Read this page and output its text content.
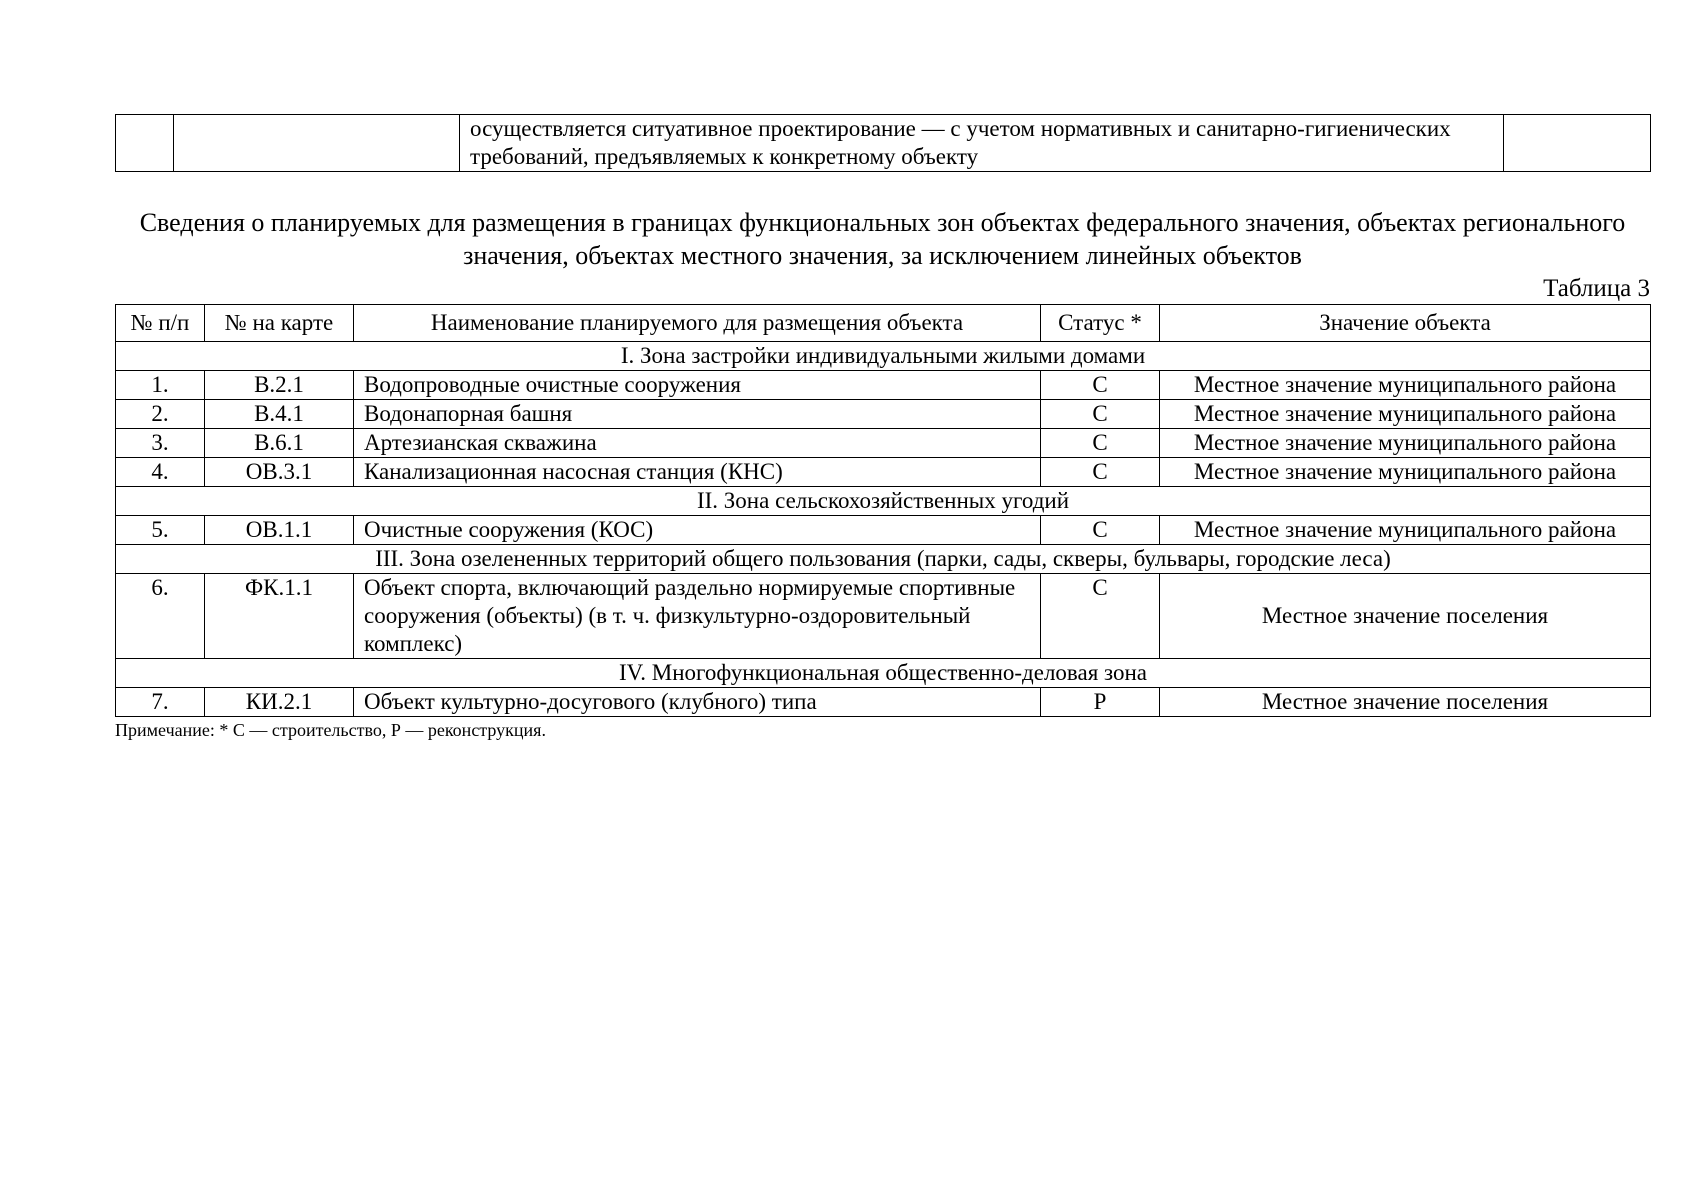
		осуществляется ситуативное проектирование — с учетом нормативных и санитарно-гигиенических требований, предъявляемых к конкретному объекту	
Сведения о планируемых для размещения в границах функциональных зон объектах федерального значения, объектах регионального значения, объектах местного значения, за исключением линейных объектов
Таблица 3
№ п/п	№ на карте	Наименование планируемого для размещения объекта	Статус *	Значение объекта
I. Зона застройки индивидуальными жилыми домами				
1.	В.2.1	Водопроводные очистные сооружения	С	Местное значение муниципального района
2.	В.4.1	Водонапорная башня	С	Местное значение муниципального района
3.	В.6.1	Артезианская скважина	С	Местное значение муниципального района
4.	ОВ.3.1	Канализационная насосная станция (КНС)	С	Местное значение муниципального района
II. Зона сельскохозяйственных угодий				
5.	ОВ.1.1	Очистные сооружения (КОС)	С	Местное значение муниципального района
III. Зона озелененных территорий общего пользования (парки, сады, скверы, бульвары, городские леса)				
6.	ФК.1.1	Объект спорта, включающий раздельно нормируемые спортивные сооружения (объекты) (в т. ч. физкультурно-оздоровительный комплекс)	С	Местное значение поселения
IV. Многофункциональная общественно-деловая зона				
7.	КИ.2.1	Объект культурно-досугового (клубного) типа	Р	Местное значение поселения
Примечание: * С — строительство, Р — реконструкция.
